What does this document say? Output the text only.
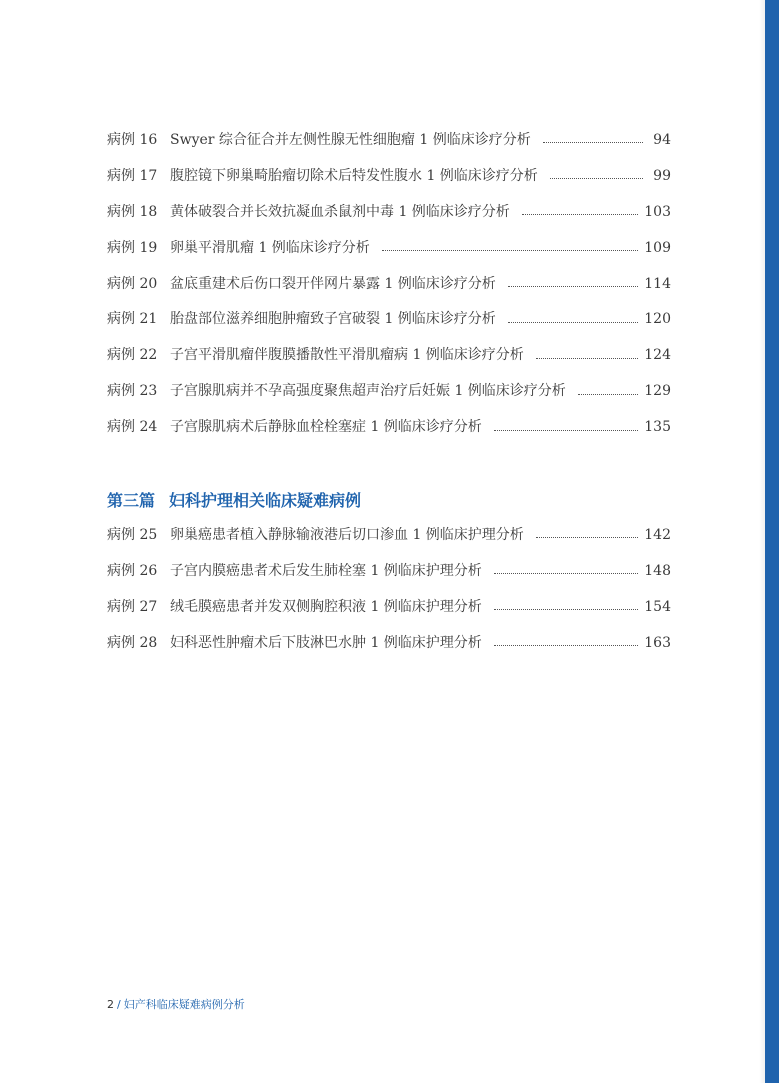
病例 16 Swyer 综合征合并左侧性腺无性细胞瘤 1 例临床诊疗分析	94
病例 17 腹腔镜下卵巢畸胎瘤切除术后特发性腹水 1 例临床诊疗分析	99
病例 18 黄体破裂合并长效抗凝血杀鼠剂中毒 1 例临床诊疗分析	103
病例 19 卵巢平滑肌瘤 1 例临床诊疗分析	109
病例 20 盆底重建术后伤口裂开伴网片暴露 1 例临床诊疗分析	114
病例 21 胎盘部位滋养细胞肿瘤致子宫破裂 1 例临床诊疗分析	120
病例 22 子宫平滑肌瘤伴腹膜播散性平滑肌瘤病 1 例临床诊疗分析	124
病例 23 子宫腺肌病并不孕高强度聚焦超声治疗后妊娠 1 例临床诊疗分析	129
病例 24 子宫腺肌病术后静脉血栓栓塞症 1 例临床诊疗分析	135
第三篇 妇科护理相关临床疑难病例
病例 25 卵巢癌患者植入静脉输液港后切口渗血 1 例临床护理分析	142
病例 26 子宫内膜癌患者术后发生肺栓塞 1 例临床护理分析	148
病例 27 绒毛膜癌患者并发双侧胸腔积液 1 例临床护理分析	154
病例 28 妇科恶性肿瘤术后下肢淋巴水肿 1 例临床护理分析	163
2 / 妇产科临床疑难病例分析
